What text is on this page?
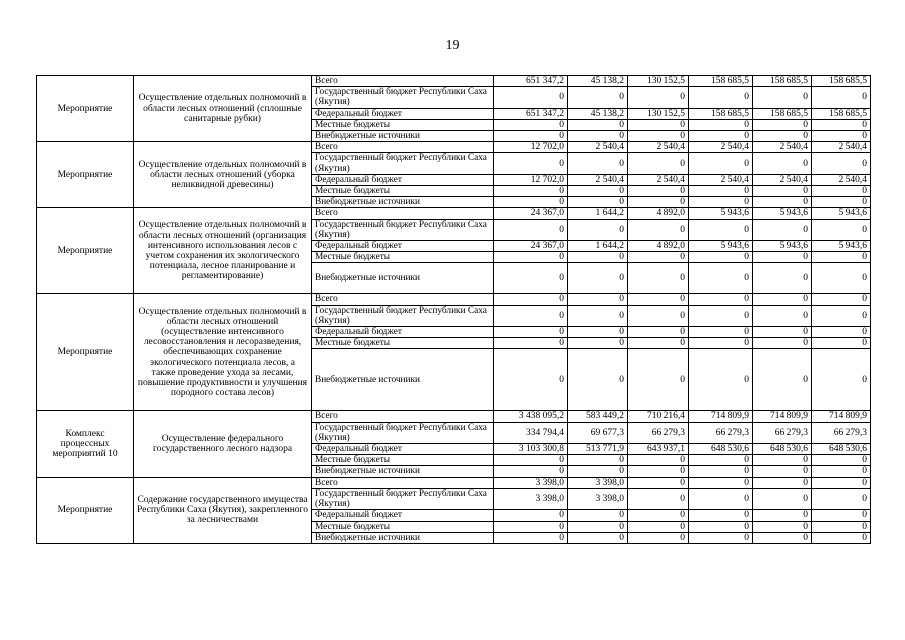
19
Мероприятие	Осуществление отдельных полномочий в области лесных отношений (сплошные санитарные рубки)	Всего	651 347,2	45 138,2	130 152,5	158 685,5	158 685,5	158 685,5
		Государственный бюджет Республики Саха (Якутия)	0	0	0	0	0	0
		Федеральный бюджет	651 347,2	45 138,2	130 152,5	158 685,5	158 685,5	158 685,5
		Местные бюджеты	0	0	0	0	0	0
		Внебюджетные источники	0	0	0	0	0	0
Мероприятие	Осуществление отдельных полномочий в области лесных отношений (уборка неликвидной древесины)	Всего	12 702,0	2 540,4	2 540,4	2 540,4	2 540,4	2 540,4
		Государственный бюджет Республики Саха (Якутия)	0	0	0	0	0	0
		Федеральный бюджет	12 702,0	2 540,4	2 540,4	2 540,4	2 540,4	2 540,4
		Местные бюджеты	0	0	0	0	0	0
		Внебюджетные источники	0	0	0	0	0	0
Мероприятие	Осуществление отдельных полномочий в области лесных отношений (организация интенсивного использования лесов с учетом сохранения их экологического потенциала, лесное планирование и регламентирование)	Всего	24 367,0	1 644,2	4 892,0	5 943,6	5 943,6	5 943,6
		Государственный бюджет Республики Саха (Якутия)	0	0	0	0	0	0
		Федеральный бюджет	24 367,0	1 644,2	4 892,0	5 943,6	5 943,6	5 943,6
		Местные бюджеты	0	0	0	0	0	0
		Внебюджетные источники	0	0	0	0	0	0
Мероприятие	Осуществление отдельных полномочий в области лесных отношений (осуществление интенсивного лесовосстановления и лесоразведения, обеспечивающих сохранение экологического потенциала лесов, а также проведение ухода за лесами, повышение продуктивности и улучшения породного состава лесов)	Всего	0	0	0	0	0	0
		Государственный бюджет Республики Саха (Якутия)	0	0	0	0	0	0
		Федеральный бюджет	0	0	0	0	0	0
		Местные бюджеты	0	0	0	0	0	0
		Внебюджетные источники	0	0	0	0	0	0
Комплекс процессных мероприятий 10	Осуществление федерального государственного лесного надзора	Всего	3 438 095,2	583 449,2	710 216,4	714 809,9	714 809,9	714 809,9
		Государственный бюджет Республики Саха (Якутия)	334 794,4	69 677,3	66 279,3	66 279,3	66 279,3	66 279,3
		Федеральный бюджет	3 103 300,8	513 771,9	643 937,1	648 530,6	648 530,6	648 530,6
		Местные бюджеты	0	0	0	0	0	0
		Внебюджетные источники	0	0	0	0	0	0
Мероприятие	Содержание государственного имущества Республики Саха (Якутия), закрепленного за лесничествами	Всего	3 398,0	3 398,0	0	0	0	0
		Государственный бюджет Республики Саха (Якутия)	3 398,0	3 398,0	0	0	0	0
		Федеральный бюджет	0	0	0	0	0	0
		Местные бюджеты	0	0	0	0	0	0
		Внебюджетные источники	0	0	0	0	0	0
